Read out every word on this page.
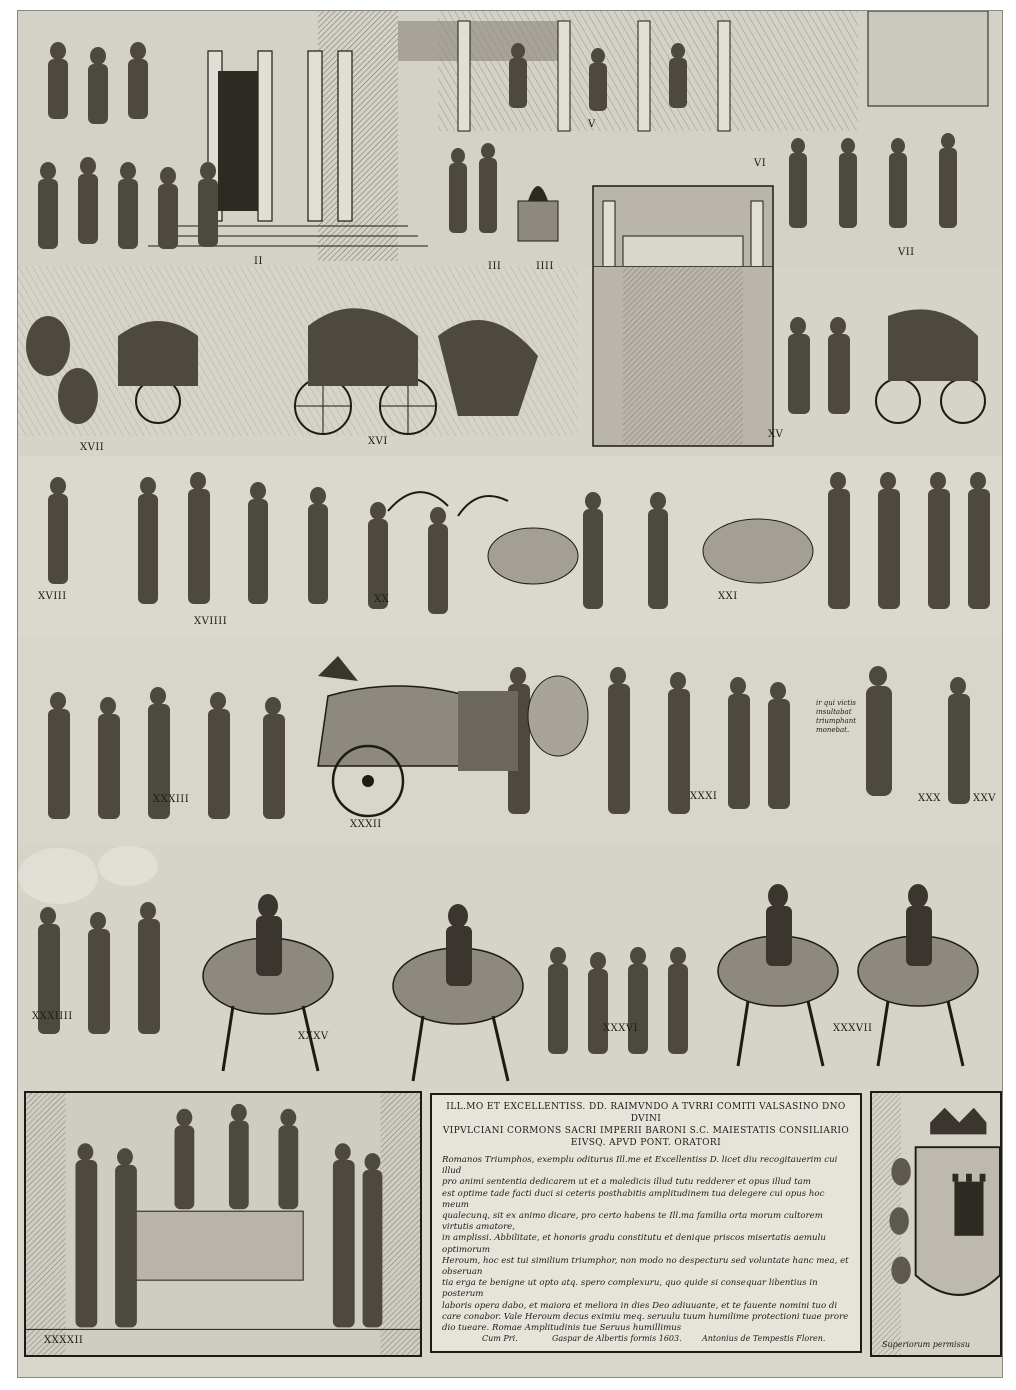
II	III	IIII
V
VI
VII
XVII
XVI
XV
XVIII
XVIIII
XX	XXI
XXXIII
XXXII
XXXI	XXX	XXV
XXXIIII
XXXV
XXXVI	XXXVII
ir qui victis
insultabat
triumphant
monebat.
XXXXII

ILL.MO ET EXCELLENTISS. DD. RAIMVNDO A TVRRI COMITI VALSASINO DNO DVINI
VIPVLCIANI CORMONS SACRI IMPERII BARONI S.C. MAIESTATIS CONSILIARIO
EIVSQ. APVD PONT. ORATORI

Romanos Triumphos, exemplu oditurus Ill.me et Excellentiss D. licet diu recogitauerim cui illud
pro animi sententia dedicarem ut et a maledicis illud tutu redderer et opus illud tam
est optime tade facti duci si ceteris posthabitis amplitudinem tua delegere cui opus hoc meum
qualecunq, sit ex animo dicare, pro certo habens te Ill.ma familia orta morum cultorem virtutis amatore,
in amplissi. Abbilitate, et honoris gradu constitutu et denique priscos misertatis aemulu optimorum
Heroum, hoc est tui similium triumphor, non modo no despecturu sed voluntate hanc mea, et obseruan
tia erga te benigne ut opto atq. spero complexuru, quo quide si consequar libentius in posterum
laboris opera dabo, et maiora et meliora in dies Deo adiuuante, et te fauente nomini tuo di
care conabor. Vale Heroum decus eximiu meq. seruulu tuum humilime protectioni tuae prore
dio tueare. Romae Amplitudinis tue Seruus humillimus
Cum Pri.	Gaspar de Albertis formis 1603.	Antonius de Tempestis Floren.
Superiorum permissu
